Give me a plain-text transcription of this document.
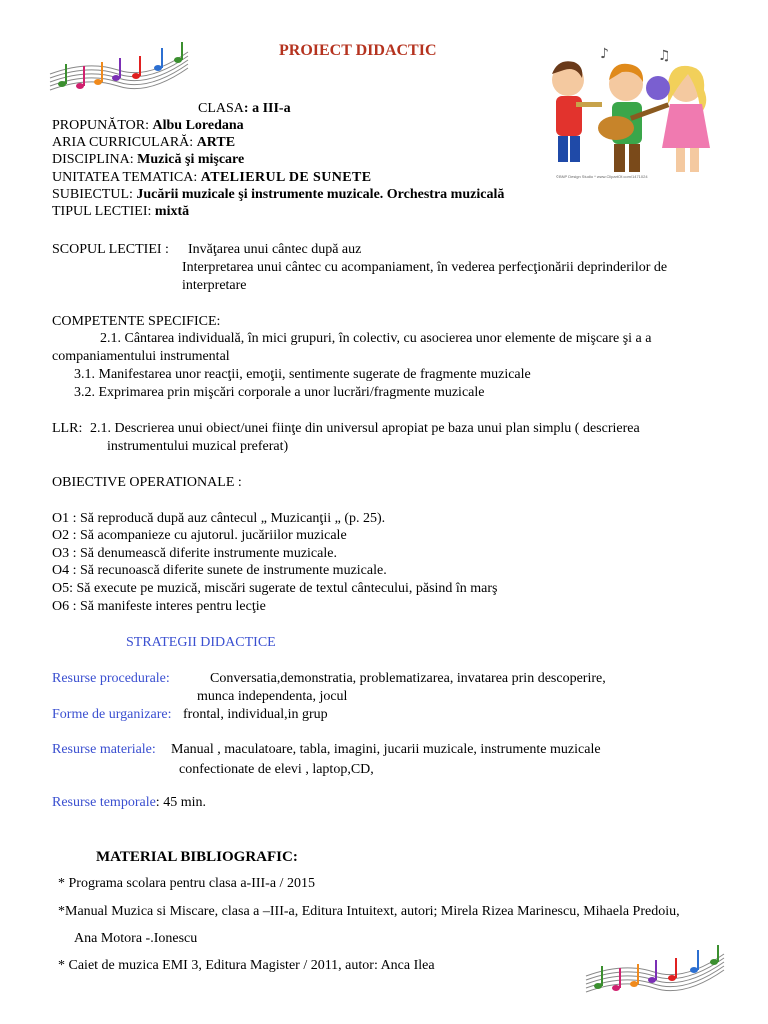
PROIECT DIDACTIC	♪	♫
©BNP Design Studio * www.ClipartOf.com/1471024
CLASA: a III-a
PROPUNĂTOR: Albu Loredana
ARIA CURRICULARĂ: ARTE
DISCIPLINA: Muzică şi mişcare
UNITATEA TEMATICA: ATELIERUL DE SUNETE
SUBIECTUL: Jucării muzicale şi instrumente muzicale. Orchestra muzicală
TIPUL LECTIEI: mixtă
SCOPUL LECTIEI : Invăţarea unui cântec după auz
Interpretarea unui cântec cu acompaniament, în vederea perfecţionării deprinderilor de
interpretare
COMPETENTE SPECIFICE:
2.1. Cântarea individuală, în mici grupuri, în colectiv, cu asocierea unor elemente de mişcare şi a a
companiamentului instrumental
3.1. Manifestarea unor reacţii, emoţii, sentimente sugerate de fragmente muzicale
3.2. Exprimarea prin mişcări corporale a unor lucrări/fragmente muzicale
LLR: 2.1. Descrierea unui obiect/unei fiinţe din universul apropiat pe baza unui plan simplu ( descrierea
instrumentului muzical preferat)
OBIECTIVE OPERATIONALE :
O1 : Să reproducă după auz cântecul „ Muzicanţii „ (p. 25).
O2 : Să acompanieze cu ajutorul. jucăriilor muzicale
O3 : Să denumească diferite instrumente muzicale.
O4 : Să recunoască diferite sunete de instrumente muzicale.
O5: Să execute pe muzică, miscări sugerate de textul cântecului, păsind în marş
O6 : Să manifeste interes pentru lecţie
STRATEGII DIDACTICE
Resurse procedurale:	Conversatia,demonstratia, problematizarea, invatarea prin descoperire,
munca independenta, jocul
Forme de urganizare: frontal, individual,in grup
Resurse materiale: Manual , maculatoare, tabla, imagini, jucarii muzicale, instrumente muzicale
confectionate de elevi , laptop,CD,
Resurse temporale: 45 min.
MATERIAL BIBLIOGRAFIC:
* Programa scolara pentru clasa a-III-a / 2015
*Manual Muzica si Miscare, clasa a –III-a, Editura Intuitext, autori; Mirela Rizea Marinescu, Mihaela Predoiu,
Ana Motora -.Ionescu
* Caiet de muzica EMI 3, Editura Magister / 2011, autor: Anca Ilea
